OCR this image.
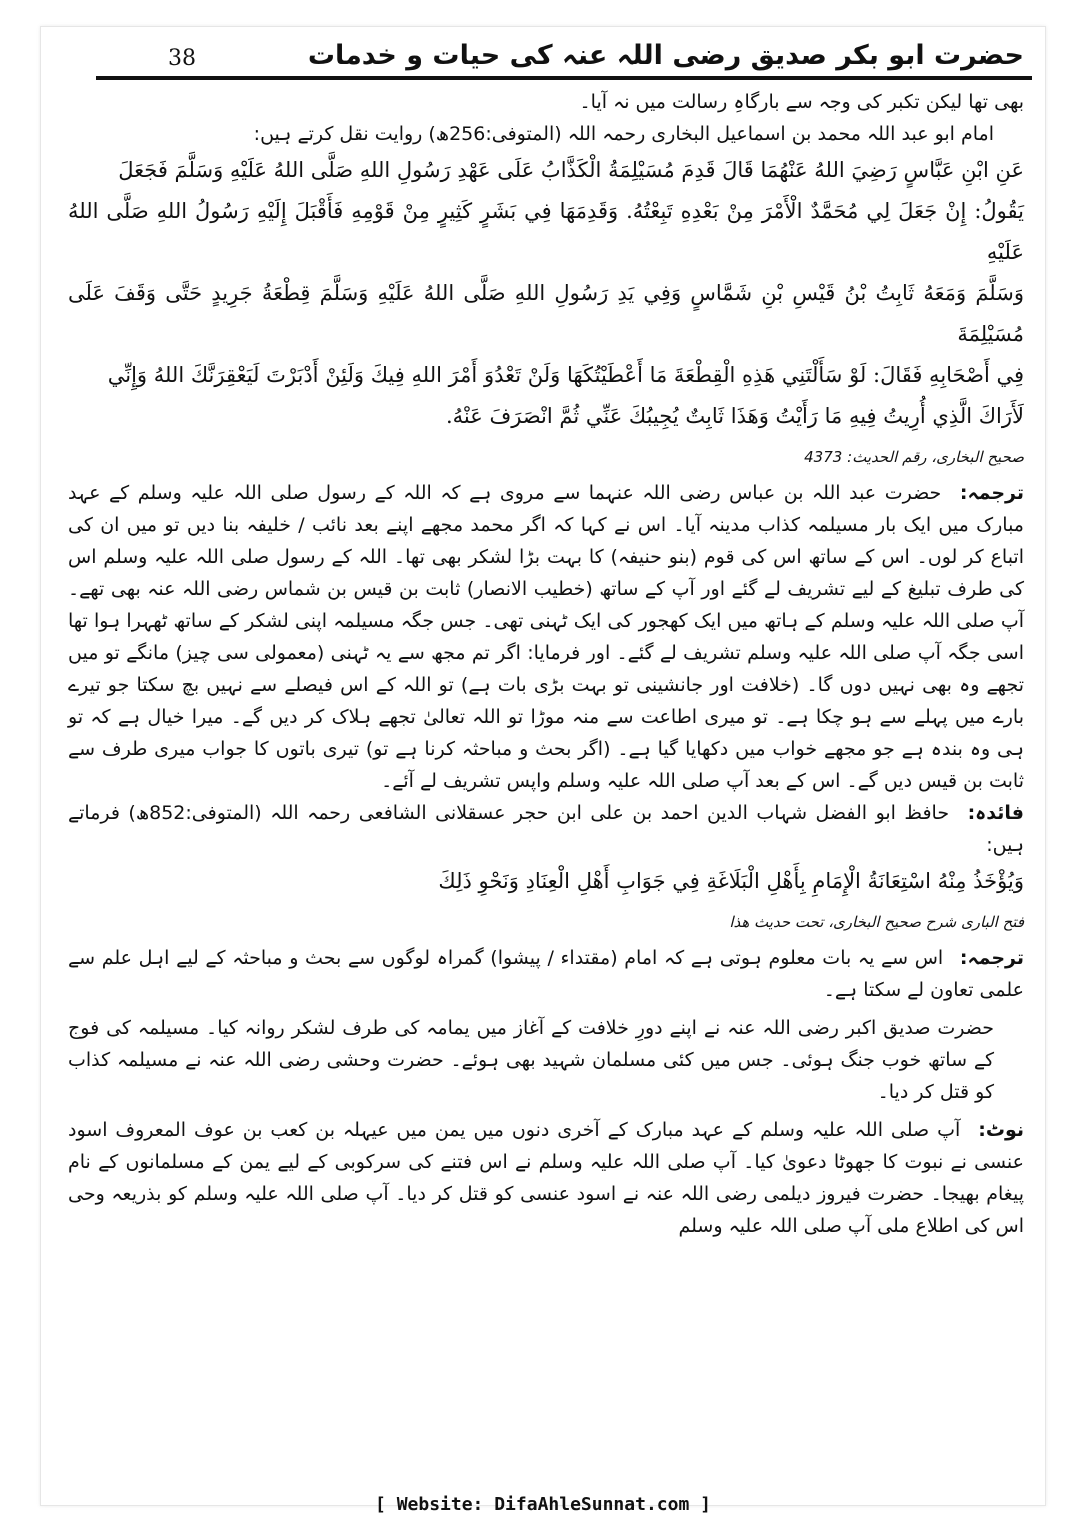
38	حضرت ابو بکر صدیق رضی اللہ عنہ کی حیات و خدمات

بھی تھا لیکن تکبر کی وجہ سے بارگاہِ رسالت میں نہ آیا۔

امام ابو عبد اللہ محمد بن اسماعیل البخاری رحمہ اللہ (المتوفی:256ھ) روایت نقل کرتے ہیں:

عَنِ ابْنِ عَبَّاسٍ رَضِيَ اللهُ عَنْهُمَا قَالَ قَدِمَ مُسَيْلِمَةُ الْكَذَّابُ عَلَى عَهْدِ رَسُولِ اللهِ صَلَّى اللهُ عَلَيْهِ وَسَلَّمَ فَجَعَلَ

يَقُولُ: إِنْ جَعَلَ لِي مُحَمَّدٌ الْأَمْرَ مِنْ بَعْدِهِ تَبِعْتُهُ. وَقَدِمَهَا فِي بَشَرٍ كَثِيرٍ مِنْ قَوْمِهِ فَأَقْبَلَ إِلَيْهِ رَسُولُ اللهِ صَلَّى اللهُ عَلَيْهِ

وَسَلَّمَ وَمَعَهُ ثَابِتُ بْنُ قَيْسِ بْنِ شَمَّاسٍ وَفِي يَدِ رَسُولِ اللهِ صَلَّى اللهُ عَلَيْهِ وَسَلَّمَ قِطْعَةُ جَرِيدٍ حَتَّى وَقَفَ عَلَى مُسَيْلِمَةَ

فِي أَصْحَابِهِ فَقَالَ: لَوْ سَأَلْتَنِي هَذِهِ الْقِطْعَةَ مَا أَعْطَيْتُكَهَا وَلَنْ تَعْدُوَ أَمْرَ اللهِ فِيكَ وَلَئِنْ أَدْبَرْتَ لَيَعْقِرَنَّكَ اللهُ وَإِنِّي

لَأَرَاكَ الَّذِي أُرِيتُ فِيهِ مَا رَأَيْتُ وَهَذَا ثَابِتٌ يُجِيبُكَ عَنِّي ثُمَّ انْصَرَفَ عَنْهُ.

صحیح البخاری، رقم الحدیث: 4373

ترجمہ: حضرت عبد اللہ بن عباس رضی اللہ عنہما سے مروی ہے کہ اللہ کے رسول صلی اللہ علیہ وسلم کے عہد مبارک میں ایک بار مسیلمہ کذاب مدینہ آیا۔ اس نے کہا کہ اگر محمد مجھے اپنے بعد نائب / خلیفہ بنا دیں تو میں ان کی اتباع کر لوں۔ اس کے ساتھ اس کی قوم (بنو حنیفہ) کا بہت بڑا لشکر بھی تھا۔ اللہ کے رسول صلی اللہ علیہ وسلم اس کی طرف تبلیغ کے لیے تشریف لے گئے اور آپ کے ساتھ (خطیب الانصار) ثابت بن قیس بن شماس رضی اللہ عنہ بھی تھے۔ آپ صلی اللہ علیہ وسلم کے ہاتھ میں ایک کھجور کی ایک ٹہنی تھی۔ جس جگہ مسیلمہ اپنی لشکر کے ساتھ ٹھہرا ہوا تھا اسی جگہ آپ صلی اللہ علیہ وسلم تشریف لے گئے۔ اور فرمایا: اگر تم مجھ سے یہ ٹہنی (معمولی سی چیز) مانگے تو میں تجھے وہ بھی نہیں دوں گا۔ (خلافت اور جانشینی تو بہت بڑی بات ہے) تو اللہ کے اس فیصلے سے نہیں بچ سکتا جو تیرے بارے میں پہلے سے ہو چکا ہے۔ تو میری اطاعت سے منہ موڑا تو اللہ تعالیٰ تجھے ہلاک کر دیں گے۔ میرا خیال ہے کہ تو ہی وہ بندہ ہے جو مجھے خواب میں دکھایا گیا ہے۔ (اگر بحث و مباحثہ کرنا ہے تو) تیری باتوں کا جواب میری طرف سے ثابت بن قیس دیں گے۔ اس کے بعد آپ صلی اللہ علیہ وسلم واپس تشریف لے آئے۔

فائدہ: حافظ ابو الفضل شہاب الدین احمد بن علی ابن حجر عسقلانی الشافعی رحمہ اللہ (المتوفی:852ھ) فرماتے ہیں:

وَيُؤْخَذُ مِنْهُ اسْتِعَانَةُ الْإِمَامِ بِأَهْلِ الْبَلَاغَةِ فِي جَوَابِ أَهْلِ الْعِنَادِ وَنَحْوِ ذَلِكَ

فتح الباری شرح صحیح البخاری، تحت حدیث ھذا

ترجمہ: اس سے یہ بات معلوم ہوتی ہے کہ امام (مقتداء / پیشوا) گمراہ لوگوں سے بحث و مباحثہ کے لیے اہل علم سے علمی تعاون لے سکتا ہے۔

حضرت صدیق اکبر رضی اللہ عنہ نے اپنے دورِ خلافت کے آغاز میں یمامہ کی طرف لشکر روانہ کیا۔ مسیلمہ کی فوج کے ساتھ خوب جنگ ہوئی۔ جس میں کئی مسلمان شہید بھی ہوئے۔ حضرت وحشی رضی اللہ عنہ نے مسیلمہ کذاب کو قتل کر دیا۔

نوٹ: آپ صلی اللہ علیہ وسلم کے عہد مبارک کے آخری دنوں میں یمن میں عیہلہ بن کعب بن عوف المعروف اسود عنسی نے نبوت کا جھوٹا دعویٰ کیا۔ آپ صلی اللہ علیہ وسلم نے اس فتنے کی سرکوبی کے لیے یمن کے مسلمانوں کے نام پیغام بھیجا۔ حضرت فیروز دیلمی رضی اللہ عنہ نے اسود عنسی کو قتل کر دیا۔ آپ صلی اللہ علیہ وسلم کو بذریعہ وحی اس کی اطلاع ملی آپ صلی اللہ علیہ وسلم

[ Website: DifaAhleSunnat.com ]
